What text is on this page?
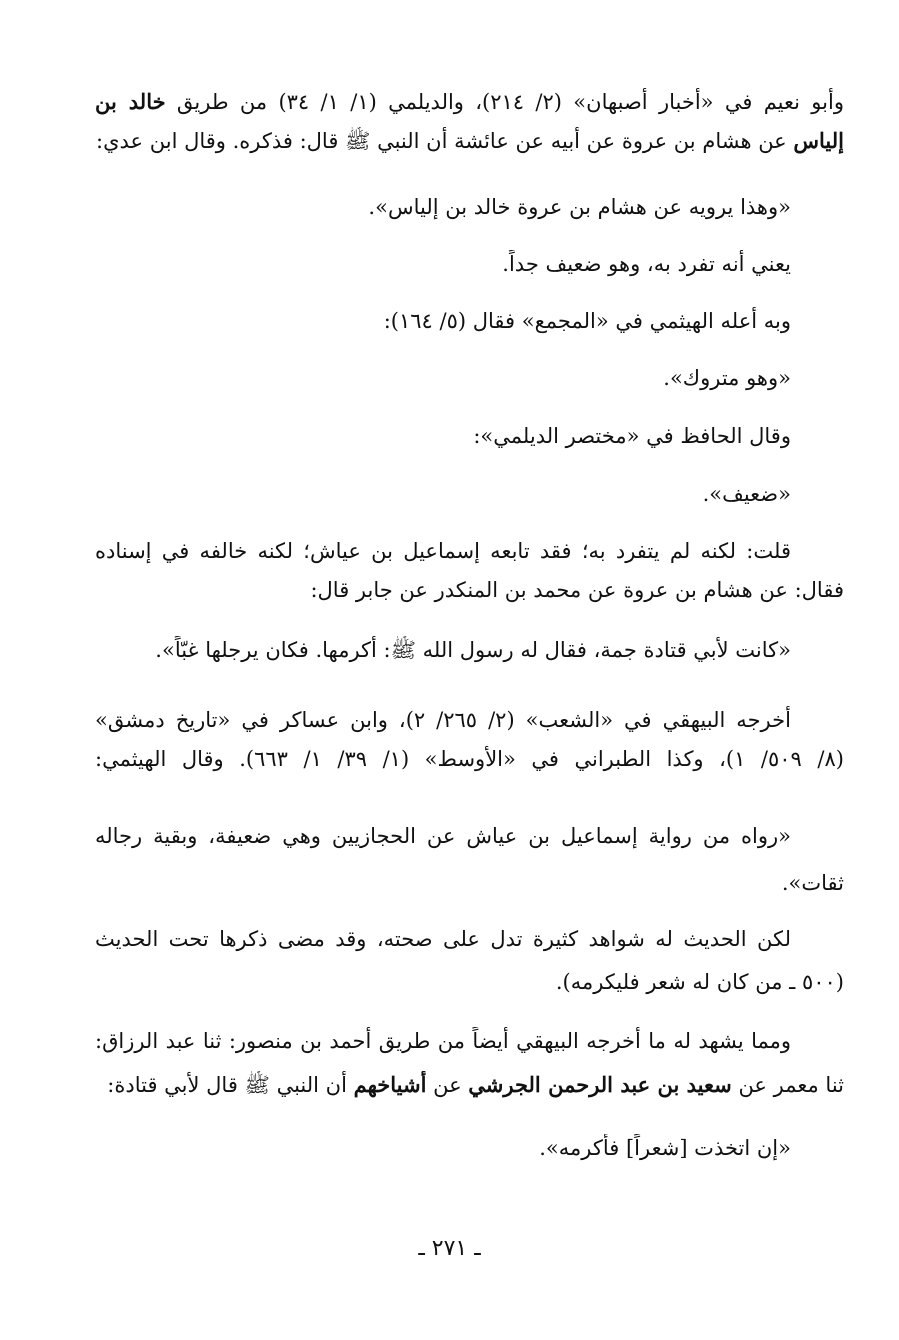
وأبو نعيم في «أخبار أصبهان» (٢/ ٢١٤)، والديلمي (١/ ١/ ٣٤) من طريق خالد بن
إلياس عن هشام بن عروة عن أبيه عن عائشة أن النبي ﷺ قال: فذكره. وقال ابن عدي:
«وهذا يرويه عن هشام بن عروة خالد بن إلياس».
يعني أنه تفرد به، وهو ضعيف جداً.
وبه أعله الهيثمي في «المجمع» فقال (٥/ ١٦٤):
«وهو متروك».
وقال الحافظ في «مختصر الديلمي»:
«ضعيف».
قلت: لكنه لم يتفرد به؛ فقد تابعه إسماعيل بن عياش؛ لكنه خالفه في إسناده
فقال: عن هشام بن عروة عن محمد بن المنكدر عن جابر قال:
«كانت لأبي قتادة جمة، فقال له رسول الله ﷺ: أكرمها. فكان يرجلها غبّاً».
أخرجه البيهقي في «الشعب» (٢/ ٢٦٥/ ٢)، وابن عساكر في «تاريخ دمشق»
(٨/ ٥٠٩/ ١)، وكذا الطبراني في «الأوسط» (١/ ٣٩/ ١/ ٦٦٣). وقال الهيثمي:
«رواه من رواية إسماعيل بن عياش عن الحجازيين وهي ضعيفة، وبقية رجاله
ثقات».
لكن الحديث له شواهد كثيرة تدل على صحته، وقد مضى ذكرها تحت الحديث
(٥٠٠ ـ من كان له شعر فليكرمه).
ومما يشهد له ما أخرجه البيهقي أيضاً من طريق أحمد بن منصور: ثنا عبد الرزاق:
ثنا معمر عن سعيد بن عبد الرحمن الجرشي عن أشياخهم أن النبي ﷺ قال لأبي قتادة:
«إن اتخذت [شعراً] فأكرمه».
ـ ٢٧١ ـ
